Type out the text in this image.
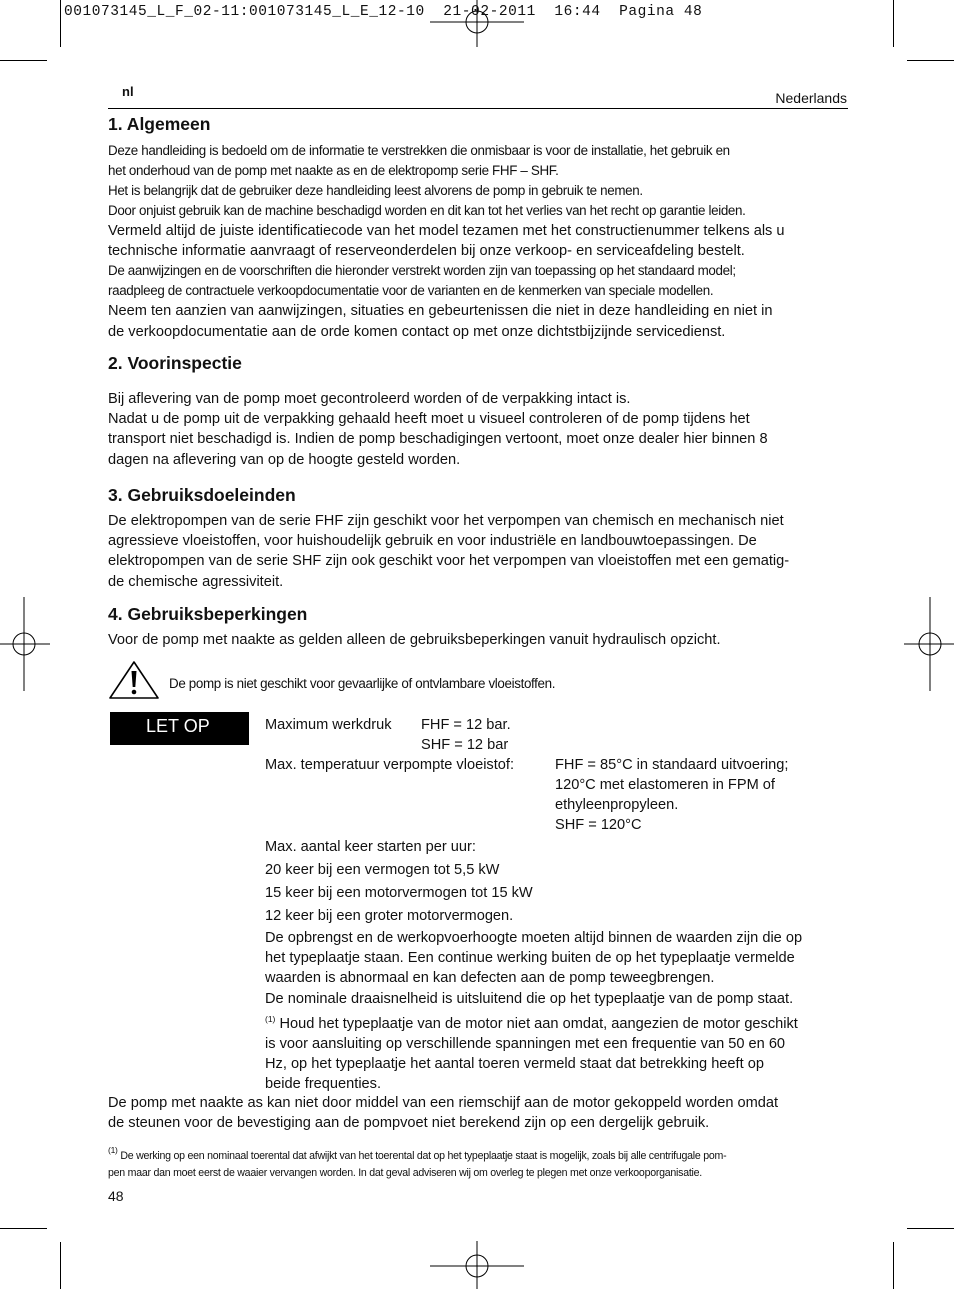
001073145_L_F_02-11:001073145_L_E_12-10  21-02-2011  16:44  Pagina 48
nl	Nederlands
1. Algemeen
Deze handleiding is bedoeld om de informatie te verstrekken die onmisbaar is voor de installatie, het gebruik en
het onderhoud van de pomp met naakte as en de elektropomp serie FHF – SHF.
Het is belangrijk dat de gebruiker deze handleiding leest alvorens de pomp in gebruik te nemen.
Door onjuist gebruik kan de machine beschadigd worden en dit kan tot het verlies van het recht op garantie leiden.
Vermeld altijd de juiste identificatiecode van het model tezamen met het constructienummer telkens als u
technische informatie aanvraagt of reserveonderdelen bij onze verkoop- en serviceafdeling bestelt.
De aanwijzingen en de voorschriften die hieronder verstrekt worden zijn van toepassing op het standaard model;
raadpleeg de contractuele verkoopdocumentatie voor de varianten en de kenmerken van speciale modellen.
Neem ten aanzien van aanwijzingen, situaties en gebeurtenissen die niet in deze handleiding en niet in
de verkoopdocumentatie aan de orde komen contact op met onze dichtstbijzijnde servicedienst.
2. Voorinspectie
Bij aflevering van de pomp moet gecontroleerd worden of de verpakking intact is.
Nadat u de pomp uit de verpakking gehaald heeft moet u visueel controleren of de pomp tijdens het
transport niet beschadigd is. Indien de pomp beschadigingen vertoont, moet onze dealer hier binnen 8
dagen na aflevering van op de hoogte gesteld worden.
3. Gebruiksdoeleinden
De elektropompen van de serie FHF zijn geschikt voor het verpompen van chemisch en mechanisch niet
agressieve vloeistoffen, voor huishoudelijk gebruik en voor industriële en landbouwtoepassingen. De
elektropompen van de serie SHF zijn ook geschikt voor het verpompen van vloeistoffen met een gematig-
de chemische agressiviteit.
4. Gebruiksbeperkingen
Voor de pomp met naakte as gelden alleen de gebruiksbeperkingen vanuit hydraulisch opzicht.
De pomp is niet geschikt voor gevaarlijke of ontvlambare vloeistoffen.
LET OP	Maximum werkdruk FHF = 12 bar.
SHF = 12 bar
Max. temperatuur verpompte vloeistof:	FHF = 85°C in standaard uitvoering;
120°C met elastomeren in FPM of
ethyleenpropyleen.
SHF = 120°C
Max. aantal keer starten per uur:
20 keer bij een vermogen tot 5,5 kW
15 keer bij een motorvermogen tot 15 kW
12 keer bij een groter motorvermogen.
De opbrengst en de werkopvoerhoogte moeten altijd binnen de waarden zijn die op
het typeplaatje staan. Een continue werking buiten de op het typeplaatje vermelde
waarden is abnormaal en kan defecten aan de pomp teweegbrengen.
De nominale draaisnelheid is uitsluitend die op het typeplaatje van de pomp staat.
$^{(1)}$ Houd het typeplaatje van de motor niet aan omdat, aangezien de motor geschikt
is voor aansluiting op verschillende spanningen met een frequentie van 50 en 60
Hz, op het typeplaatje het aantal toeren vermeld staat dat betrekking heeft op
beide frequenties.
De pomp met naakte as kan niet door middel van een riemschijf aan de motor gekoppeld worden omdat
de steunen voor de bevestiging aan de pompvoet niet berekend zijn op een dergelijk gebruik.
$^{(1)}$ De werking op een nominaal toerental dat afwijkt van het toerental dat op het typeplaatje staat is mogelijk, zoals bij alle centrifugale pom-
pen maar dan moet eerst de waaier vervangen worden. In dat geval adviseren wij om overleg te plegen met onze verkooporganisatie.
48
